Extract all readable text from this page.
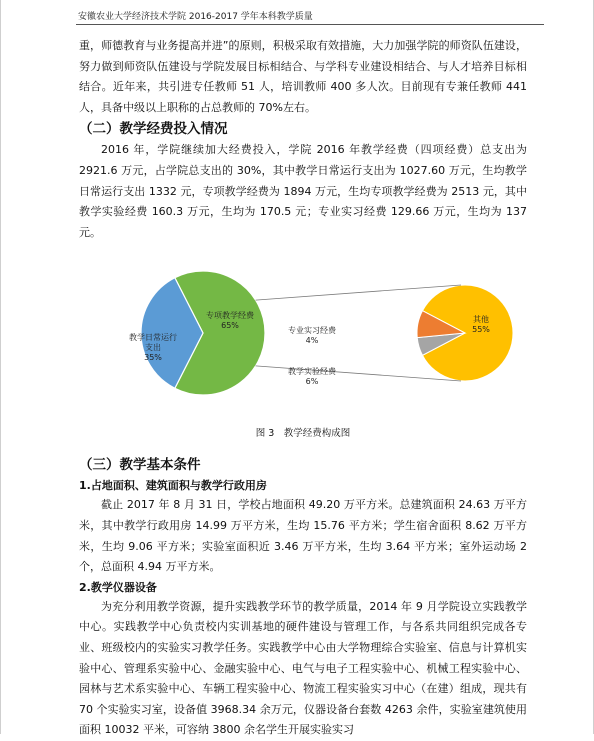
安徽农业大学经济技术学院 2016-2017 学年本科教学质量

重，师德教育与业务提高并进”的原则，积极采取有效措施，大力加强学院的师资队伍建设，努力做到师资队伍建设与学院发展目标相结合、与学科专业建设相结合、与人才培养目标相结合。近年来，共引进专任教师 51 人，培训教师 400 多人次。目前现有专兼任教师 441 人，具备中级以上职称的占总教师的 70%左右。

（二）教学经费投入情况

2016 年，学院继续加大经费投入，学院 2016 年教学经费（四项经费）总支出为 2921.6 万元，占学院总支出的 30%，其中教学日常运行支出为 1027.60 万元，生均教学日常运行支出 1332 元，专项教学经费为 1894 万元，生均专项教学经费为 2513 元，其中教学实验经费 160.3 万元，生均为 170.5 元；专业实习经费 129.66 万元，生均为 137 元。

专项教学经费 65%
教学日常运行支出 35%
专业实习经费 4%
教学实验经费 6%
其他 55%
图 3　教学经费构成图
（三）教学基本条件
1.占地面积、建筑面积与教学行政用房

截止 2017 年 8 月 31 日，学校占地面积 49.20 万平方米。总建筑面积 24.63 万平方米，其中教学行政用房 14.99 万平方米，生均 15.76 平方米；学生宿舍面积 8.62 万平方米，生均 9.06 平方米；实验室面积近 3.46 万平方米，生均 3.64 平方米；室外运动场 2 个，总面积 4.94 万平方米。

2.教学仪器设备

为充分利用教学资源，提升实践教学环节的教学质量，2014 年 9 月学院设立实践教学中心。实践教学中心负责校内实训基地的硬件建设与管理工作，与各系共同组织完成各专业、班级校内的实验实习教学任务。实践教学中心由大学物理综合实验室、信息与计算机实验中心、管理系实验中心、金融实验中心、电气与电子工程实验中心、机械工程实验中心、园林与艺术系实验中心、车辆工程实验中心、物流工程实验实习中心（在建）组成，现共有 70 个实验实习室，设备值 3968.34 余万元，仪器设备台套数 4263 余件，实验室建筑使用面积 10032 平米，可容纳 3800 余名学生开展实验实习
